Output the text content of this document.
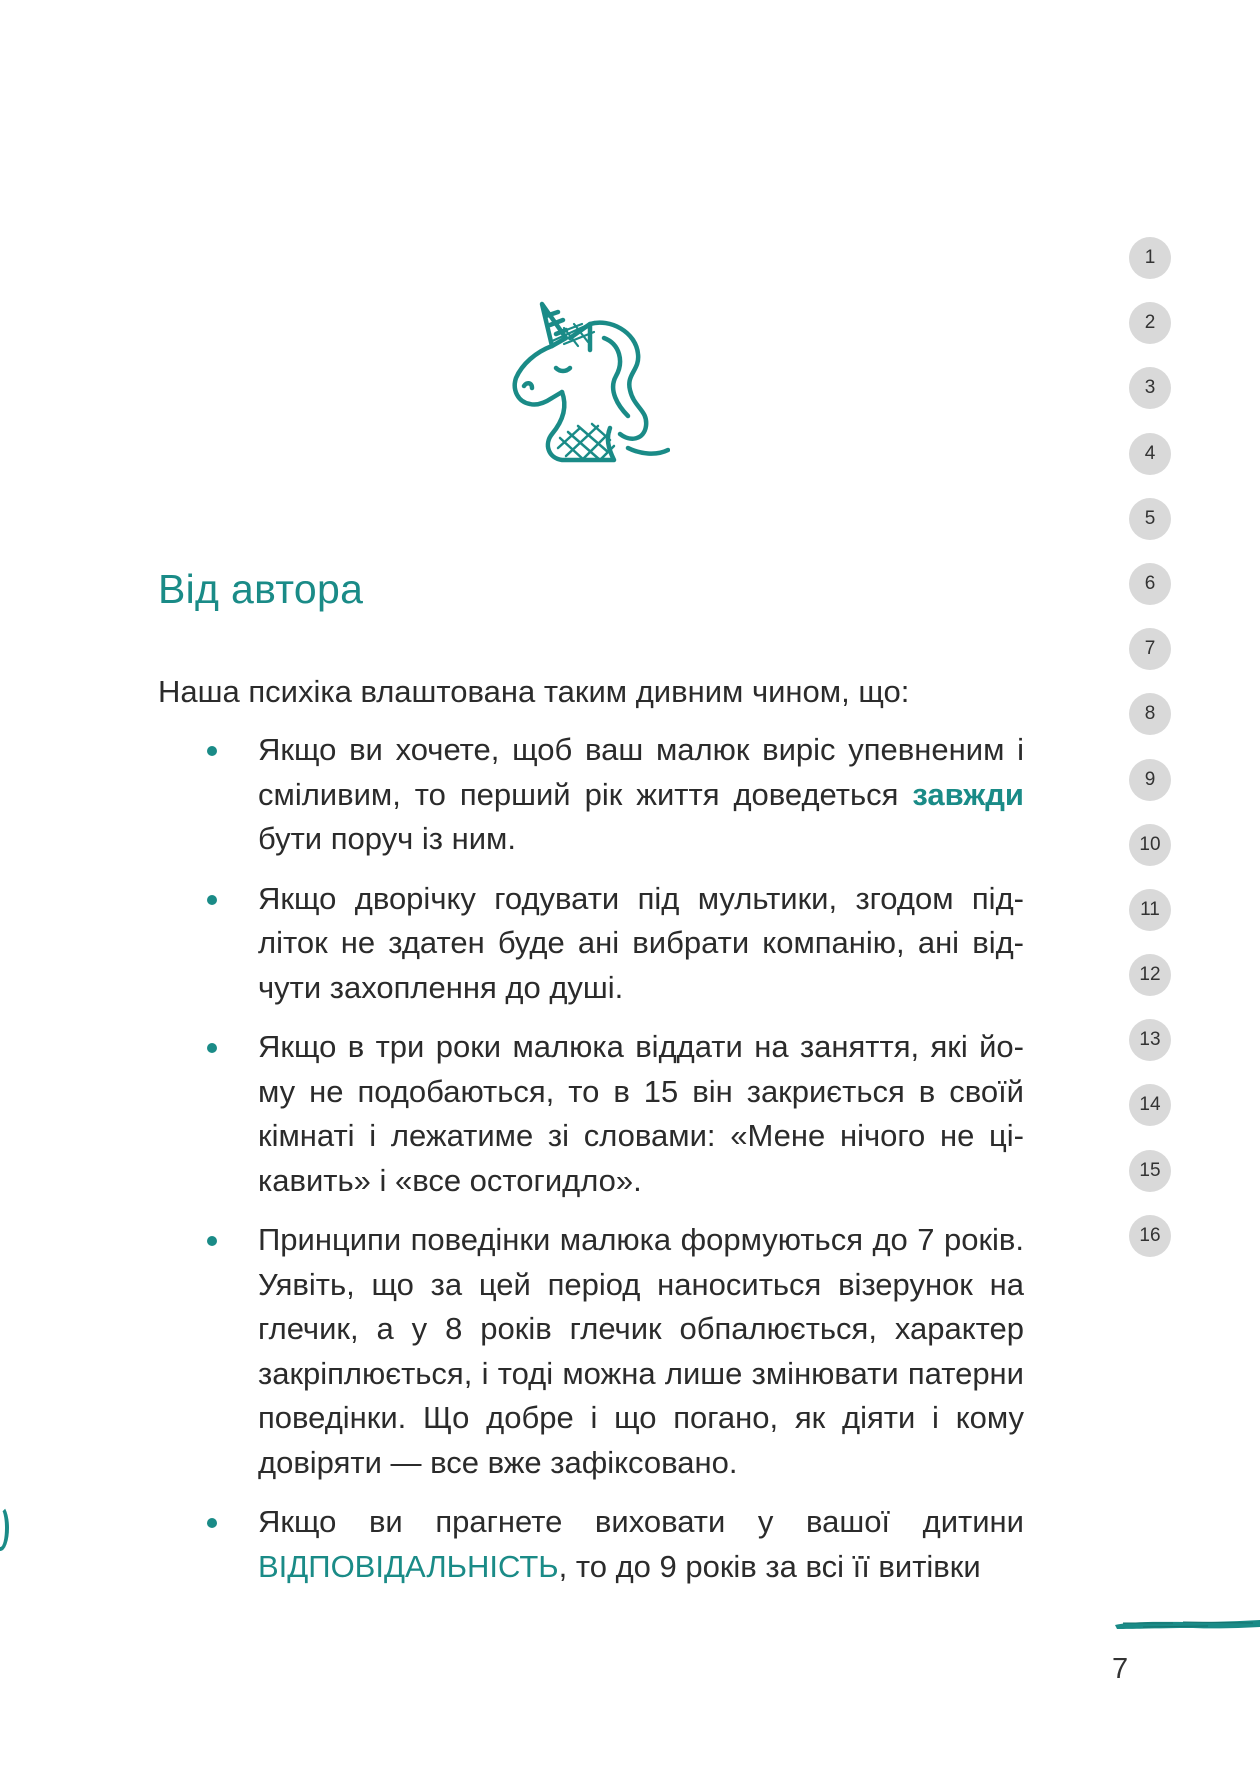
Від автора

Наша психіка влаштована таким дивним чином, що:

Якщо ви хочете, щоб ваш малюк виріс упевненим і сміливим, то перший рік життя доведеться завжди бути поруч із ним.
Якщо дворічку годувати під мультики, згодом підліток не здатен буде ані вибрати компанію, ані відчути захоплення до душі.
Якщо в три роки малюка віддати на заняття, які йому не подобаються, то в 15 він закриється в своїй кімнаті і лежатиме зі словами: «Мене нічого не цікавить» і «все остогидло».
Принципи поведінки малюка формуються до 7 років. Уявіть, що за цей період наноситься візерунок на глечик, а у 8 років глечик обпалюється, характер закріплюється, і тоді можна лише змінювати патерни поведінки. Що добре і що погано, як діяти і кому довіряти — все вже зафіксовано.
Якщо ви прагнете виховати у вашої дитини ВІДПОВІДАЛЬНІСТЬ, то до 9 років за всі її витівки
1
2
3
4
5
6
7
8
9
10
11
12
13
14
15
16
7
